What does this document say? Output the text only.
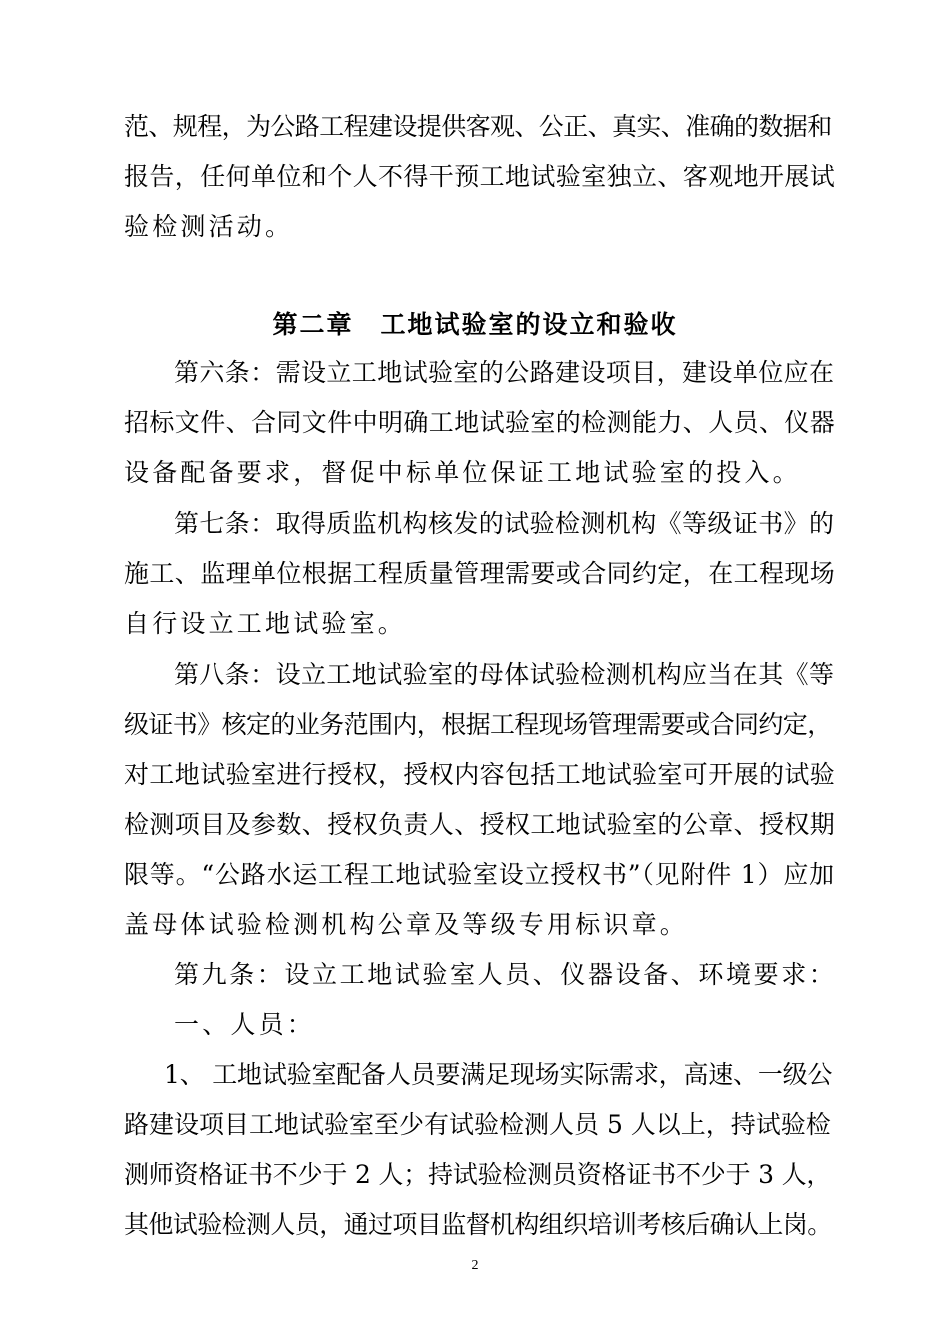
范、规程，为公路工程建设提供客观、公正、真实、准确的数据和
报告，任何单位和个人不得干预工地试验室独立、客观地开展试
验检测活动。
第二章　工地试验室的设立和验收
第六条：需设立工地试验室的公路建设项目，建设单位应在
招标文件、合同文件中明确工地试验室的检测能力、人员、仪器
设备配备要求，督促中标单位保证工地试验室的投入。
第七条：取得质监机构核发的试验检测机构《等级证书》的
施工、监理单位根据工程质量管理需要或合同约定，在工程现场
自行设立工地试验室。
第八条：设立工地试验室的母体试验检测机构应当在其《等
级证书》核定的业务范围内，根据工程现场管理需要或合同约定，
对工地试验室进行授权，授权内容包括工地试验室可开展的试验
检测项目及参数、授权负责人、授权工地试验室的公章、授权期
限等。“公路水运工程工地试验室设立授权书”（见附件 1）应加
盖母体试验检测机构公章及等级专用标识章。
第九条：设立工地试验室人员、仪器设备、环境要求：
一、人员：
1、 工地试验室配备人员要满足现场实际需求，高速、一级公
路建设项目工地试验室至少有试验检测人员 5 人以上，持试验检
测师资格证书不少于 2 人；持试验检测员资格证书不少于 3 人，
其他试验检测人员，通过项目监督机构组织培训考核后确认上岗。
2
